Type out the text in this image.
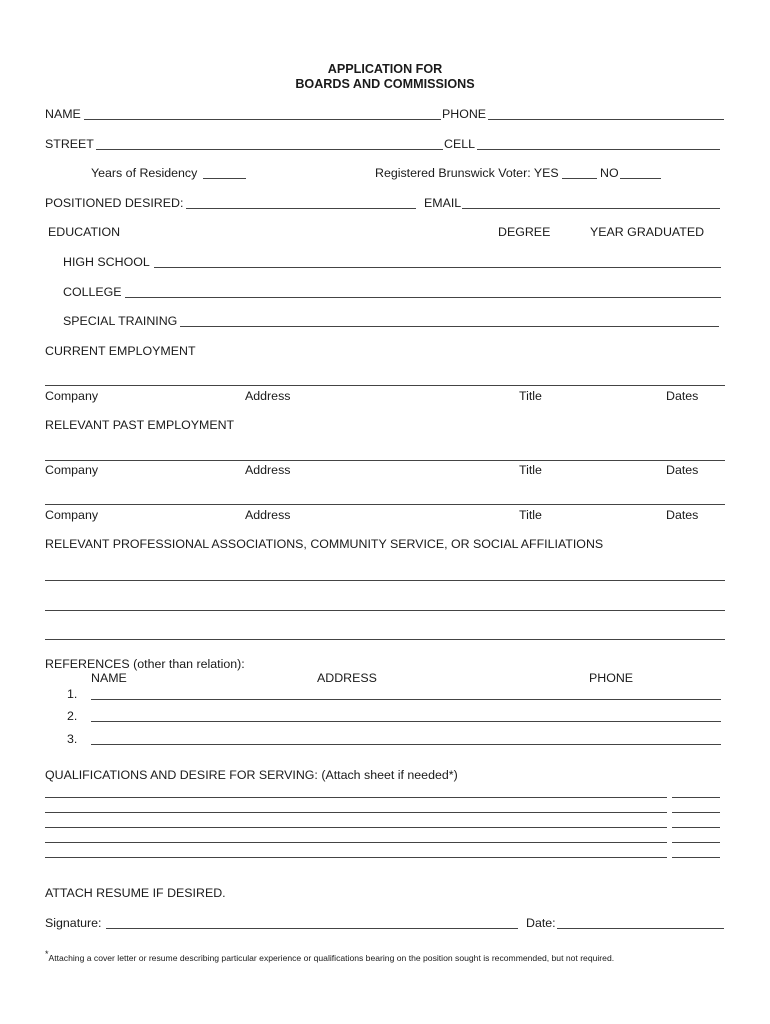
APPLICATION FOR
BOARDS AND COMMISSIONS
NAME	PHONE
STREET	CELL
Years of Residency	Registered Brunswick Voter: YES	NO
POSITIONED DESIRED:	EMAIL
EDUCATION	DEGREE	YEAR GRADUATED
HIGH SCHOOL
COLLEGE
SPECIAL TRAINING
CURRENT EMPLOYMENT
Company	Address	Title	Dates
RELEVANT PAST EMPLOYMENT
Company	Address	Title	Dates
Company	Address	Title	Dates
RELEVANT PROFESSIONAL ASSOCIATIONS, COMMUNITY SERVICE, OR SOCIAL AFFILIATIONS
REFERENCES (other than relation):
NAME	ADDRESS	PHONE
1.
2.
3.
QUALIFICATIONS AND DESIRE FOR SERVING: (Attach sheet if needed*)
ATTACH RESUME IF DESIRED.
Signature:	Date:
*Attaching a cover letter or resume describing particular experience or qualifications bearing on the position sought is recommended, but not required.
